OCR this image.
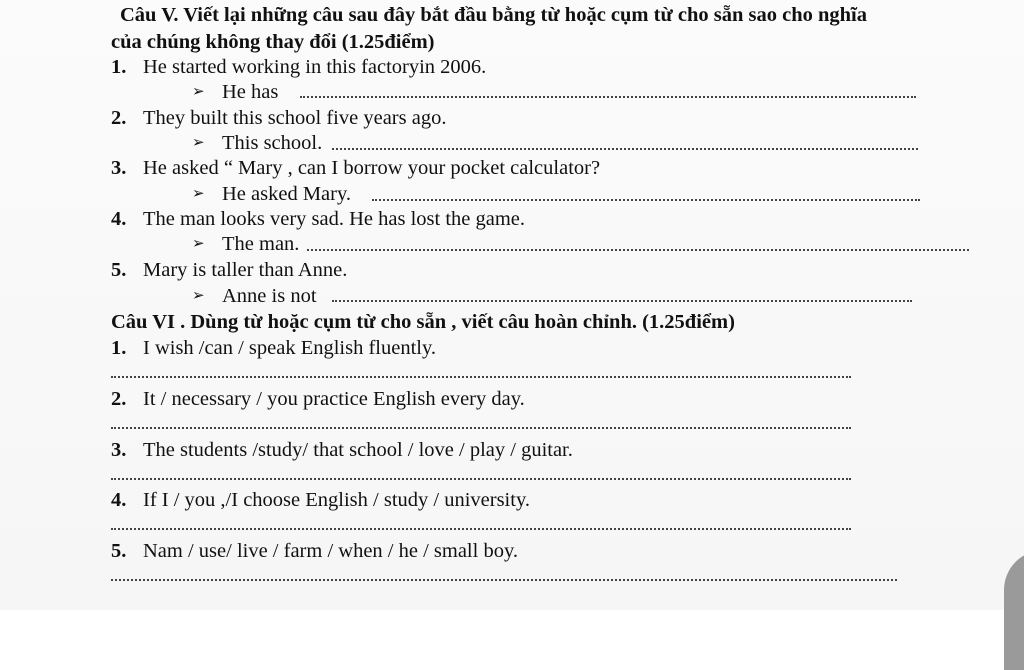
Câu V. Viết lại những câu sau đây bắt đầu bằng từ hoặc cụm từ cho sẵn sao cho nghĩa
của chúng không thay đổi (1.25điểm)
1. He started working in this factoryin 2006.
➢ He has
2. They built this school five years ago.
➢ This school.
3. He asked “ Mary , can I borrow your pocket calculator?
➢ He asked Mary.
4. The man looks very sad. He has lost the game.
➢ The man.
5. Mary is taller than Anne.
➢ Anne is not
Câu VI . Dùng từ hoặc cụm từ cho sẵn , viết câu hoàn chỉnh. (1.25điểm)
1. I wish /can / speak English fluently.
2. It / necessary / you practice English every day.
3. The students /study/ that school / love / play / guitar.
4. If I / you ,/I choose English / study / university.
5. Nam / use/ live / farm / when / he / small boy.
